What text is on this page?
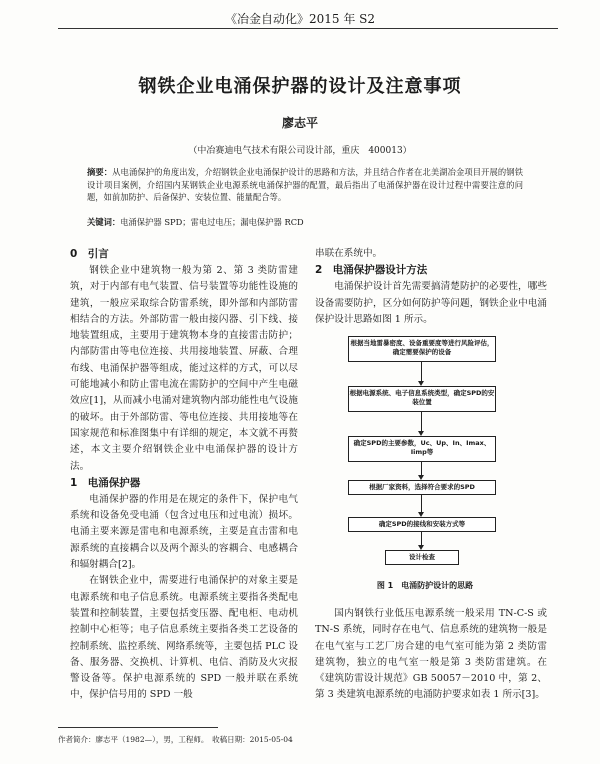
《冶金自动化》2015 年 S2
钢铁企业电涌保护器的设计及注意事项
廖志平
（中冶赛迪电气技术有限公司设计部，重庆　400013）
摘要：从电涌保护的角度出发，介绍钢铁企业电涌保护设计的思路和方法，并且结合作者在北美湖冶金项目开展的钢铁设计项目案例，介绍国内某钢铁企业电源系统电涌保护器的配置，最后指出了电涌保护器在设计过程中需要注意的问题，如前加防护、后备保护、安装位置、能量配合等。
关键词：电涌保护器 SPD；雷电过电压；漏电保护器 RCD
0　引言

钢铁企业中建筑物一般为第 2、第 3 类防雷建筑，对于内部有电气装置、信号装置等功能性设施的建筑，一般应采取综合防雷系统，即外部和内部防雷相结合的方法。外部防雷一般由接闪器、引下线、接地装置组成，主要用于建筑物本身的直接雷击防护；内部防雷由等电位连接、共用接地装置、屏蔽、合理布线、电涌保护器等组成，能过这样的方式，可以尽可能地减小和防止雷电流在需防护的空间中产生电磁效应[1]，从而减小电涌对建筑物内部功能性电气设施的破坏。由于外部防雷、等电位连接、共用接地等在国家规范和标准图集中有详细的规定，本文就不再赘述，本文主要介绍钢铁企业中电涌保护器的设计方法。

1　电涌保护器

电涌保护器的作用是在规定的条件下，保护电气系统和设备免受电涌（包含过电压和过电流）损坏。电涌主要来源是雷电和电源系统，主要是直击雷和电源系统的直接耦合以及两个源头的容耦合、电感耦合和辐射耦合[2]。

在钢铁企业中，需要进行电涌保护的对象主要是电源系统和电子信息系统。电源系统主要指各类配电装置和控制装置，主要包括变压器、配电柜、电动机控制中心柜等；电子信息系统主要指各类工艺设备的控制系统、监控系统、网络系统等，主要包括 PLC 设备、服务器、交换机、计算机、电信、消防及火灾报警设备等。保护电源系统的 SPD 一般并联在系统中，保护信号用的 SPD 一般

串联在系统中。

2　电涌保护器设计方法

电涌保护设计首先需要搞清楚防护的必要性，哪些设备需要防护，区分如何防护等问题，钢铁企业中电涌保护设计思路如图 1 所示。

根据当地雷暴密度、设备重要度等进行风险评估，确定需要保护的设备
根据电源系统、电子信息系统类型，确定SPD的安装位置
确定SPD的主要参数，Uc、Up、In、Imax、Iimp等
根据厂家资料，选择符合要求的SPD
确定SPD的接线和安装方式等
设计检查
图 1　电涌防护设计的思路

国内钢铁行业低压电源系统一般采用 TN-C-S 或 TN-S 系统，同时存在电气、信息系统的建筑物一般是在电气室与工艺厂房合建的电气室可能为第 2 类防雷建筑物，独立的电气室一般是第 3 类防雷建筑。在《建筑防雷设计规范》GB 50057－2010 中，第 2、第 3 类建筑电源系统的电涌防护要求如表 1 所示[3]。

作者简介：廖志平（1982—），男，工程师。　收稿日期：2015-05-04
